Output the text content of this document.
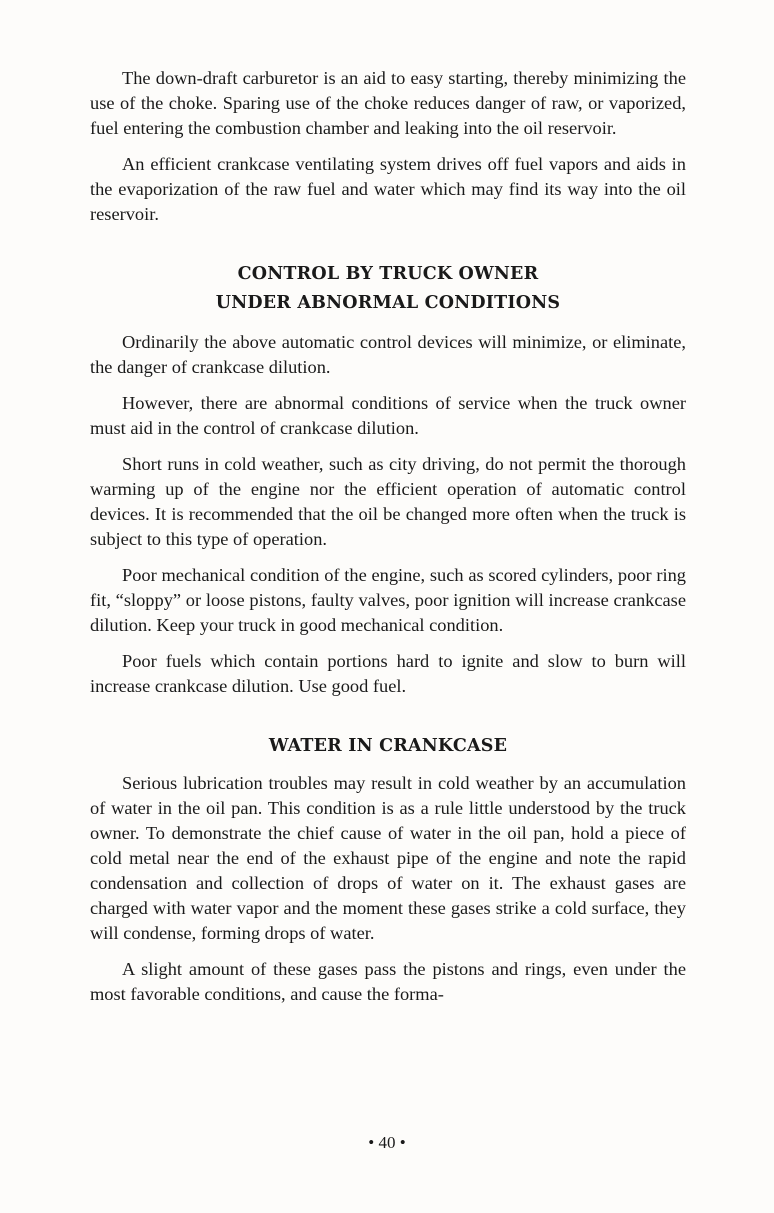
The down-draft carburetor is an aid to easy starting, thereby minimizing the use of the choke. Sparing use of the choke reduces danger of raw, or vaporized, fuel entering the combustion chamber and leaking into the oil reservoir.

An efficient crankcase ventilating system drives off fuel vapors and aids in the evaporization of the raw fuel and water which may find its way into the oil reservoir.

CONTROL BY TRUCK OWNER
UNDER ABNORMAL CONDITIONS

Ordinarily the above automatic control devices will minimize, or eliminate, the danger of crankcase dilution.

However, there are abnormal conditions of service when the truck owner must aid in the control of crankcase dilution.

Short runs in cold weather, such as city driving, do not permit the thorough warming up of the engine nor the efficient operation of automatic control devices. It is recommended that the oil be changed more often when the truck is subject to this type of operation.

Poor mechanical condition of the engine, such as scored cylinders, poor ring fit, “sloppy” or loose pistons, faulty valves, poor ignition will increase crankcase dilution. Keep your truck in good mechanical condition.

Poor fuels which contain portions hard to ignite and slow to burn will increase crankcase dilution. Use good fuel.

WATER IN CRANKCASE

Serious lubrication troubles may result in cold weather by an accumulation of water in the oil pan. This condition is as a rule little understood by the truck owner. To demonstrate the chief cause of water in the oil pan, hold a piece of cold metal near the end of the exhaust pipe of the engine and note the rapid condensation and collection of drops of water on it. The exhaust gases are charged with water vapor and the moment these gases strike a cold surface, they will condense, forming drops of water.

A slight amount of these gases pass the pistons and rings, even under the most favorable conditions, and cause the forma-

• 40 •
